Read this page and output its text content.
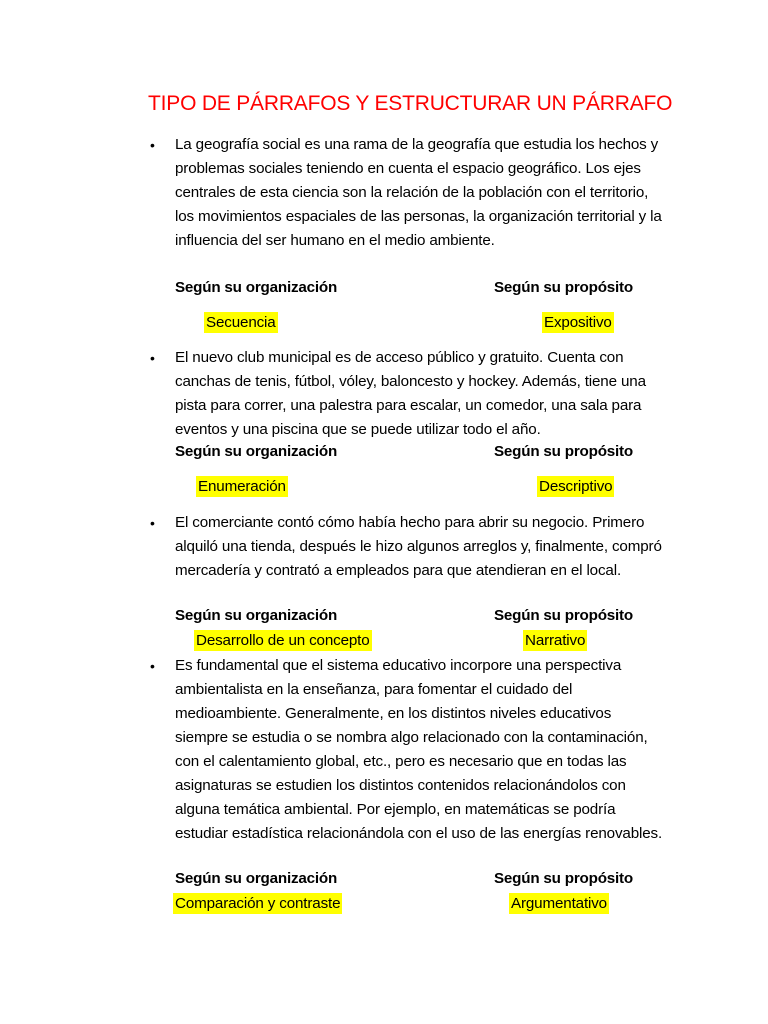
TIPO DE PÁRRAFOS Y ESTRUCTURAR UN PÁRRAFO
• La geografía social es una rama de la geografía que estudia los hechos y problemas sociales teniendo en cuenta el espacio geográfico. Los ejes centrales de esta ciencia son la relación de la población con el territorio, los movimientos espaciales de las personas, la organización territorial y la influencia del ser humano en el medio ambiente.
Según su organización	Según su propósito
Secuencia	Expositivo
• El nuevo club municipal es de acceso público y gratuito. Cuenta con canchas de tenis, fútbol, vóley, baloncesto y hockey. Además, tiene una pista para correr, una palestra para escalar, un comedor, una sala para eventos y una piscina que se puede utilizar todo el año.
Según su organización	Según su propósito
Enumeración	Descriptivo
• El comerciante contó cómo había hecho para abrir su negocio. Primero alquiló una tienda, después le hizo algunos arreglos y, finalmente, compró mercadería y contrató a empleados para que atendieran en el local.
Según su organización	Según su propósito
Desarrollo de un concepto	Narrativo
• Es fundamental que el sistema educativo incorpore una perspectiva ambientalista en la enseñanza, para fomentar el cuidado del medioambiente. Generalmente, en los distintos niveles educativos siempre se estudia o se nombra algo relacionado con la contaminación, con el calentamiento global, etc., pero es necesario que en todas las asignaturas se estudien los distintos contenidos relacionándolos con alguna temática ambiental. Por ejemplo, en matemáticas se podría estudiar estadística relacionándola con el uso de las energías renovables.
Según su organización	Según su propósito
Comparación y contraste	Argumentativo
